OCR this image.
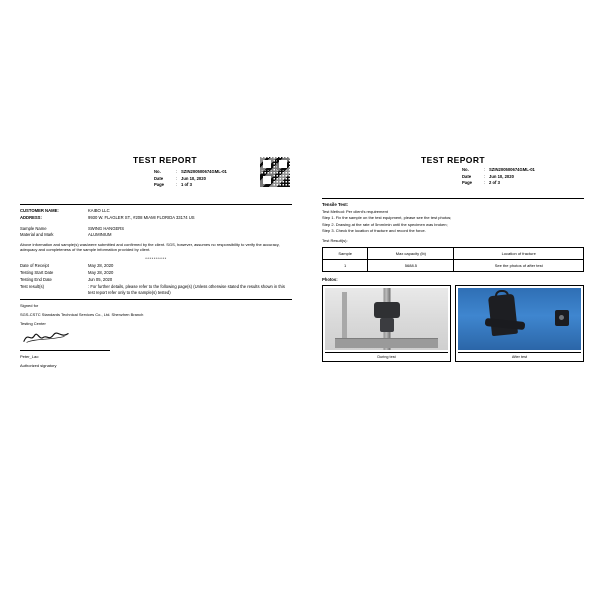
TEST REPORT
No.	: SZIN200500674GML-01
Date	: Jun 10, 2020
Page	: 1 of 3
CUSTOMER NAME:	KAIBO LLC
ADDRESS:	9930 W. FLAGLER ST., #208 MIAMI FLORIDA 33174 US
Sample Name	SWING HANGERS
Material and Mark	ALUMINIUM
Above information and sample(s) was/were submitted and confirmed by the client. SGS, however, assumes no responsibility to verify the accuracy, adequacy and completeness of the sample information provided by client.
**********
Date of Receipt	May 28, 2020
Testing Start Date	May 28, 2020
Testing End Date	Jun 05, 2020
Test result(s)	: For further details, please refer to the following page(s) (Unless otherwise stated the results shown in this test report refer only to the sample(s) tested)
Signed for
SGS-CSTC Standards Technical Services Co., Ltd. Shenzhen Branch
Testing Center
Peter_Lao
Authorized signatory
TEST REPORT
No.	: SZIN200500674GML-01
Date	: Jun 10, 2020
Page	: 2 of 3
Tensile Test:
Test Method: Per client's requirement
Step 1. Fix the sample on the test equipment, please see the test photos;
Step 2. Drawing at the rate of 5mm/min until the specimen was broken;
Step 3. Check the location of fracture and record the force.
Test Result(s):
Sample	Max capacity (lb)	Location of fracture
1	5688.5	See the photos of after test
Photos:
During test	After test
